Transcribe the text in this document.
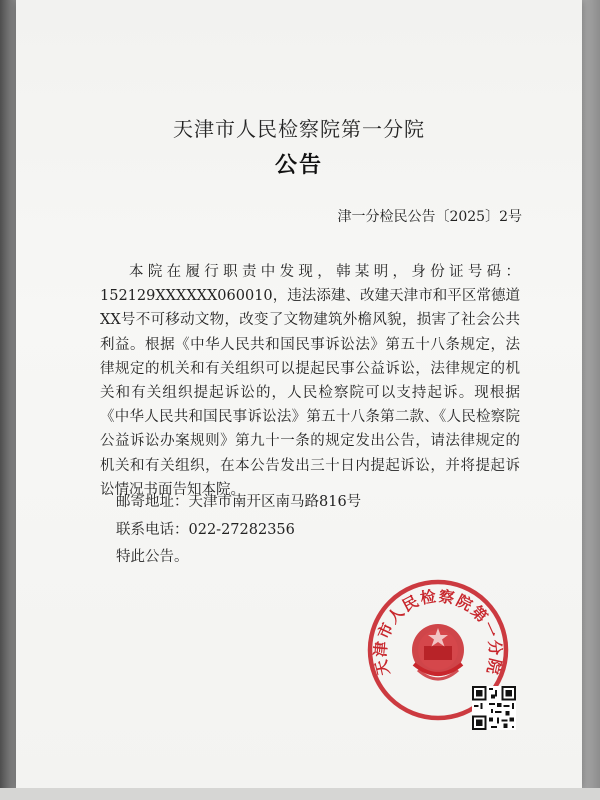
天津市人民检察院第一分院
公告
津一分检民公告〔2025〕2号
本院在履行职责中发现，韩某明，身份证号码：152129XXXXXX060010，违法添建、改建天津市和平区常德道XX号不可移动文物，改变了文物建筑外檐风貌，损害了社会公共利益。根据《中华人民共和国民事诉讼法》第五十八条规定，法律规定的机关和有关组织可以提起民事公益诉讼，法律规定的机关和有关组织提起诉讼的，人民检察院可以支持起诉。现根据《中华人民共和国民事诉讼法》第五十八条第二款、《人民检察院公益诉讼办案规则》第九十一条的规定发出公告，请法律规定的机关和有关组织，在本公告发出三十日内提起诉讼，并将提起诉讼情况书面告知本院。
邮寄地址：天津市南开区南马路816号
联系电话：022-27282356
特此公告。
天津市人民检察院第一分院
